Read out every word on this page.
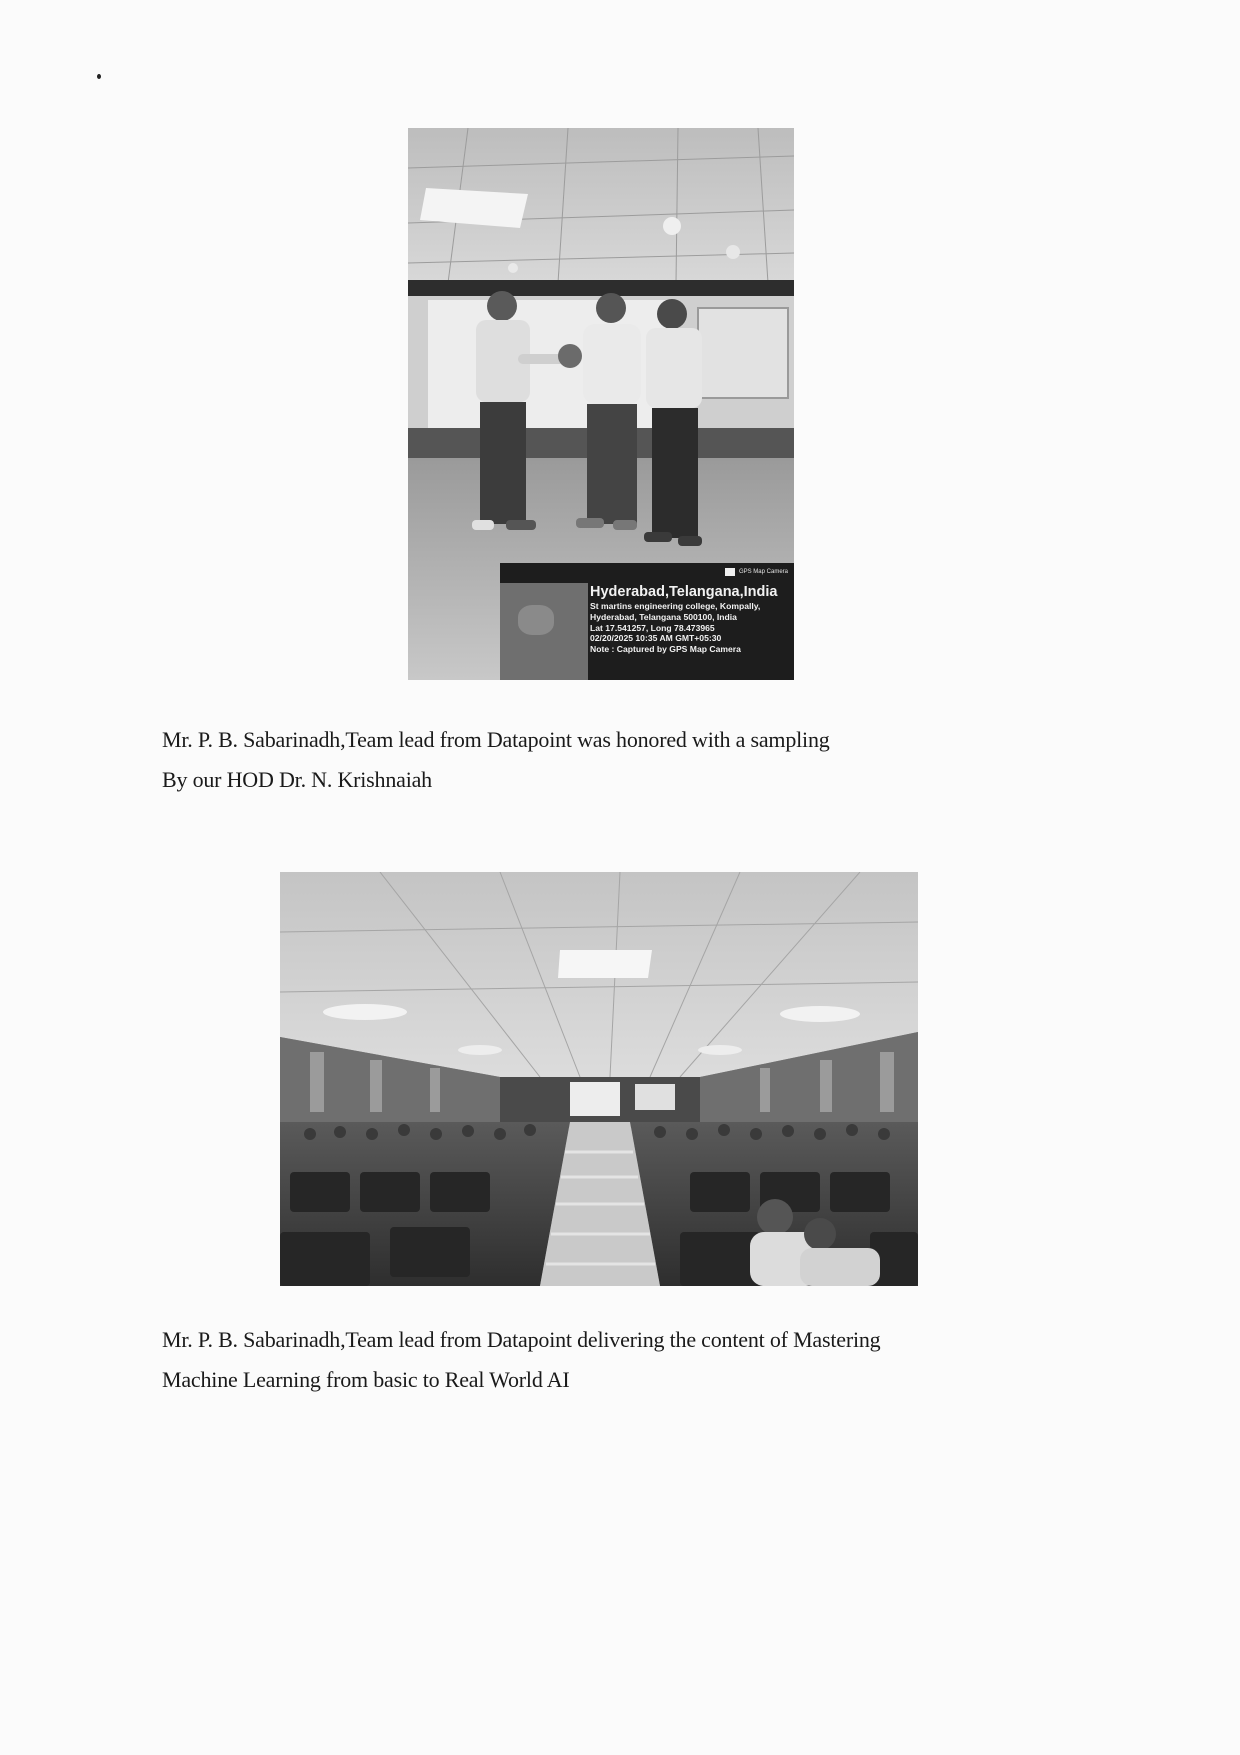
GPS Map Camera
Hyderabad,Telangana,India
St martins engineering college, Kompally,
Hyderabad, Telangana 500100, India
Lat 17.541257, Long 78.473965
02/20/2025 10:35 AM GMT+05:30
Note : Captured by GPS Map Camera
Mr. P. B. Sabarinadh,Team lead from Datapoint was honored with a sampling
By our HOD Dr. N. Krishnaiah
Mr. P. B. Sabarinadh,Team lead from Datapoint delivering the content of Mastering
Machine Learning from basic to Real World AI
